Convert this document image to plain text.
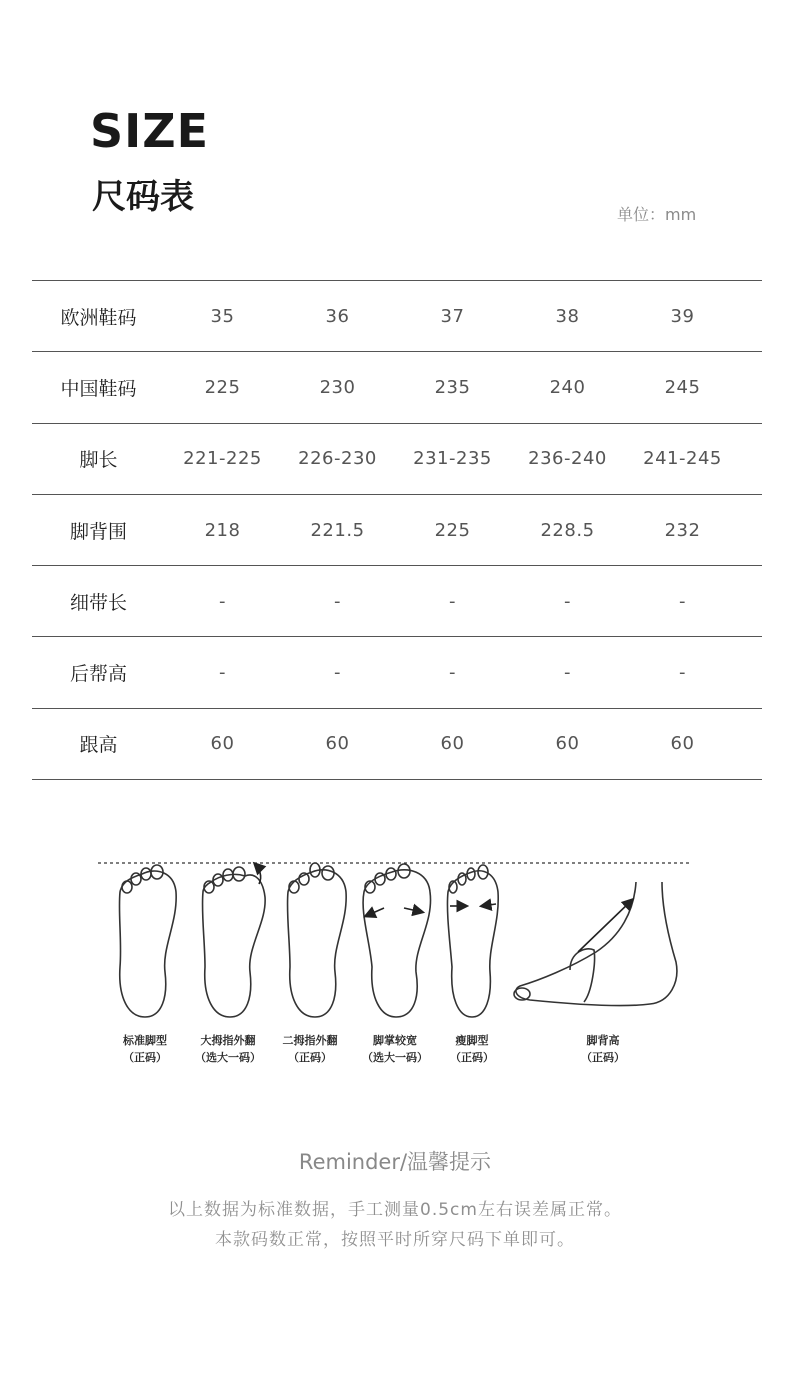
SIZE
尺码表	单位：mm
欧洲鞋码	35	36	37	38	39
中国鞋码	225	230	235	240	245
脚长	221-225	226-230	231-235	236-240	241-245
脚背围	218	221.5	225	228.5	232
细带长	-	-	-	-	-
后帮高	-	-	-	-	-
跟高	60	60	60	60	60
标准脚型
（正码）
大拇指外翻
（选大一码）
二拇指外翻
（正码）
脚掌较宽
（选大一码）
瘦脚型
（正码）
脚背高
（正码）
Reminder/温馨提示
以上数据为标准数据，手工测量0.5cm左右误差属正常。
本款码数正常，按照平时所穿尺码下单即可。
